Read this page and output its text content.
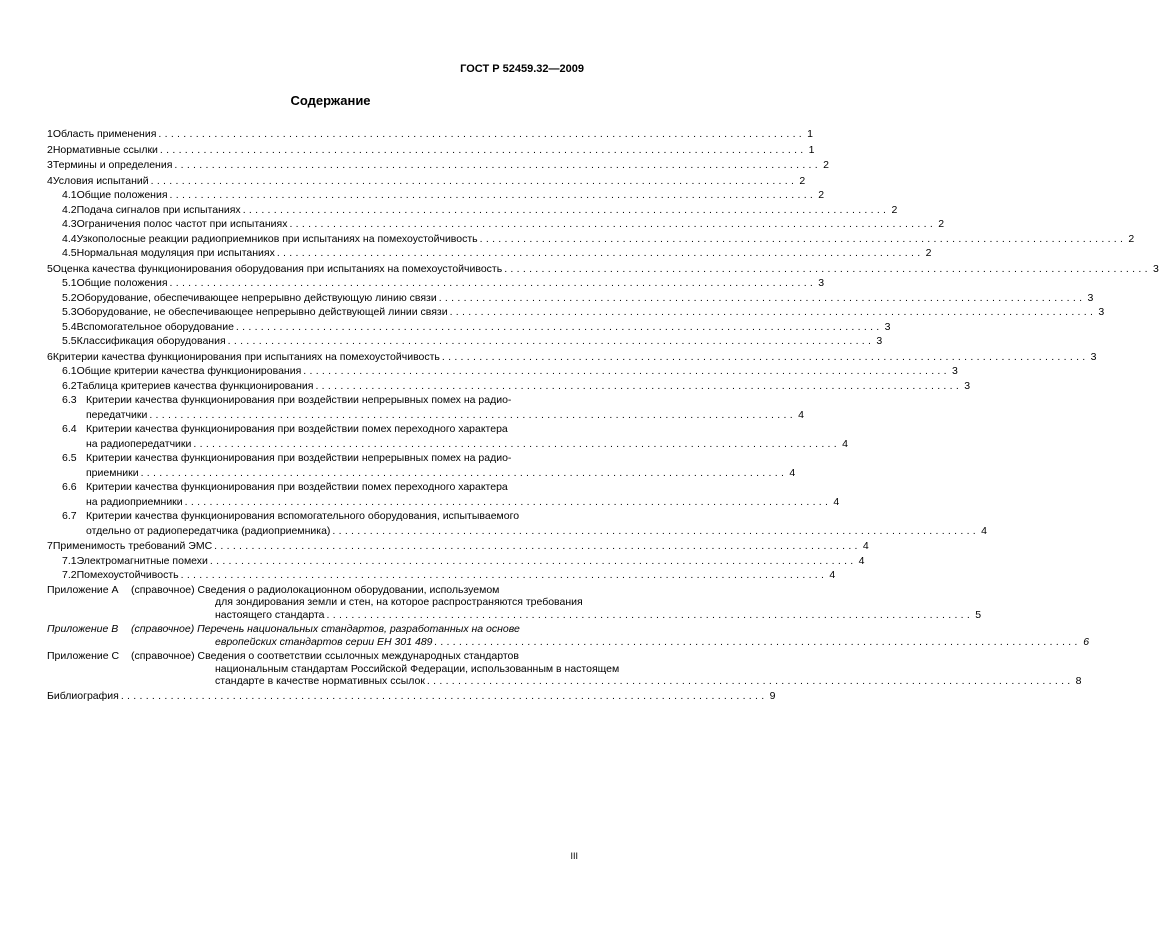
ГОСТ Р 52459.32—2009
Содержание
1 Область применения ........................................................................................................ 1
2 Нормативные ссылки ........................................................................................................ 1
3 Термины и определения ........................................................................................................ 2
4 Условия испытаний ........................................................................................................ 2
4.1 Общие положения ........................................................................................................ 2
4.2 Подача сигналов при испытаниях ........................................................................................................ 2
4.3 Ограничения полос частот при испытаниях ........................................................................................................ 2
4.4 Узкополосные реакции радиоприемников при испытаниях на помехоустойчивость ........................................................................................................ 2
4.5 Нормальная модуляция при испытаниях ........................................................................................................ 2
5 Оценка качества функционирования оборудования при испытаниях на помехоустойчивость ........................................................................................................ 3
5.1 Общие положения ........................................................................................................ 3
5.2 Оборудование, обеспечивающее непрерывно действующую линию связи ........................................................................................................ 3
5.3 Оборудование, не обеспечивающее непрерывно действующей линии связи ........................................................................................................ 3
5.4 Вспомогательное оборудование ........................................................................................................ 3
5.5 Классификация оборудования ........................................................................................................ 3
6 Критерии качества функционирования при испытаниях на помехоустойчивость ........................................................................................................ 3
6.1 Общие критерии качества функционирования ........................................................................................................ 3
6.2 Таблица критериев качества функционирования ........................................................................................................ 3
6.3 Критерии качества функционирования при воздействии непрерывных помех на радио-
передатчики ........................................................................................................ 4
6.4 Критерии качества функционирования при воздействии помех переходного характера
на радиопередатчики ........................................................................................................ 4
6.5 Критерии качества функционирования при воздействии непрерывных помех на радио-
приемники ........................................................................................................ 4
6.6 Критерии качества функционирования при воздействии помех переходного характера
на радиоприемники ........................................................................................................ 4
6.7 Критерии качества функционирования вспомогательного оборудования, испытываемого
отдельно от радиопередатчика (радиоприемника) ........................................................................................................ 4
7 Применимость требований ЭМС ........................................................................................................ 4
7.1 Электромагнитные помехи ........................................................................................................ 4
7.2 Помехоустойчивость ........................................................................................................ 4
Приложение А	(справочное) Сведения о радиолокационном оборудовании, используемом
для зондирования земли и стен, на которое распространяются требования
настоящего стандарта ........................................................................................................ 5
Приложение В	(справочное) Перечень национальных стандартов, разработанных на основе
европейских стандартов серии ЕН 301 489 ........................................................................................................ 6
Приложение С	(справочное) Сведения о соответствии ссылочных международных стандартов
национальным стандартам Российской Федерации, использованным в настоящем
стандарте в качестве нормативных ссылок ........................................................................................................ 8
Библиография ........................................................................................................ 9
III
